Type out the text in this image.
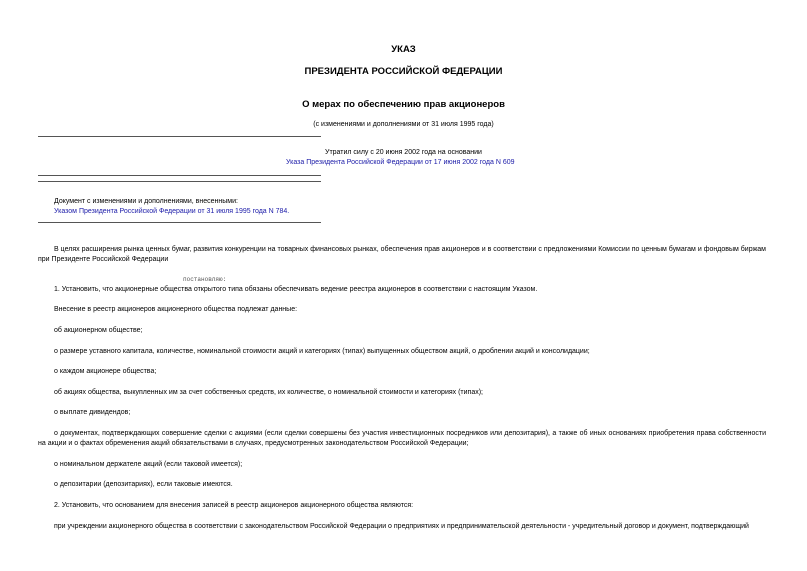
УКАЗ
ПРЕЗИДЕНТА РОССИЙСКОЙ ФЕДЕРАЦИИ
О мерах по обеспечению прав акционеров
(с изменениями и дополнениями от 31 июля 1995 года)
Утратил силу с 20 июня 2002 года на основании
Указа Президента Российской Федерации от 17 июня 2002 года N 609
Документ с изменениями и дополнениями, внесенными:
Указом Президента Российской Федерации от 31 июля 1995 года N 784.
В целях расширения рынка ценных бумаг, развития конкуренции на товарных финансовых рынках, обеспечения прав акционеров и в соответствии с предложениями Комиссии по ценным бумагам и фондовым биржам при Президенте Российской Федерации
постановляю:
1. Установить, что акционерные общества открытого типа обязаны обеспечивать ведение реестра акционеров в соответствии с настоящим Указом.
Внесение в реестр акционеров акционерного общества подлежат данные:
об акционерном обществе;
о размере уставного капитала, количестве, номинальной стоимости акций и категориях (типах) выпущенных обществом акций, о дроблении акций и консолидации;
о каждом акционере общества;
об акциях общества, выкупленных им за счет собственных средств, их количестве, о номинальной стоимости и категориях (типах);
о выплате дивидендов;
о документах, подтверждающих совершение сделки с акциями (если сделки совершены без участия инвестиционных посредников или депозитария), а также об иных основаниях приобретения права собственности на акции и о фактах обременения акций обязательствами в случаях, предусмотренных законодательством Российской Федерации;
о номинальном держателе акций (если таковой имеется);
о депозитарии (депозитариях), если таковые имеются.
2. Установить, что основанием для внесения записей в реестр акционеров акционерного общества являются:
при учреждении акционерного общества в соответствии с законодательством Российской Федерации о предприятиях и предпринимательской деятельности - учредительный договор и документ, подтверждающий
